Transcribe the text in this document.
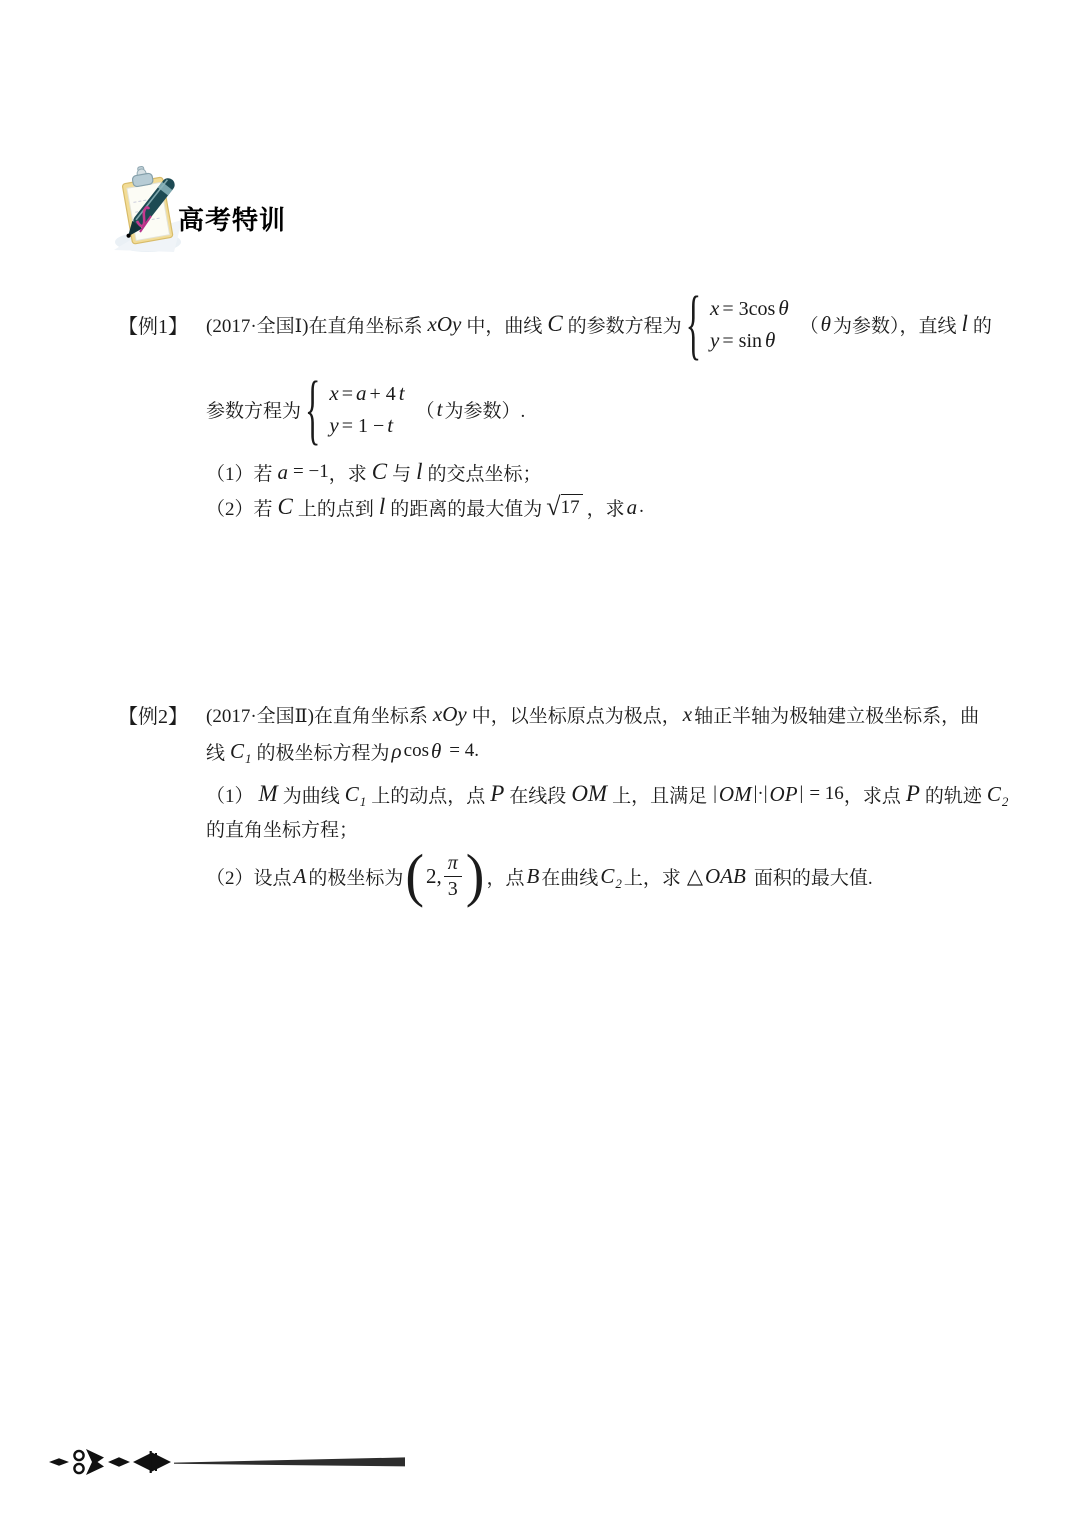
高考特训
【例1】 (2017·全国Ⅰ)在直角坐标系 xOy 中，曲线 C 的参数方程为 { x = 3cos θ
y = sin θ
（ θ 为参数），直线 l 的
参数方程为 { x = a + 4 t
y = 1 − t
（ t 为参数）.
（1）若 a = −1 ，求 C 与 l 的交点坐标；
（2）若 C 上的点到 l 的距离的最大值为 √ 17 ，求 a .
【例2】 (2017·全国Ⅱ)在直角坐标系 xOy 中，以坐标原点为极点， x 轴正半轴为极轴建立极坐标系，曲
线 $C_1$ 的极坐标方程为 ρ cos θ = 4.
（1） M 为曲线 $C_1$ 上的动点，点 P 在线段 OM 上，且满足 | OM |·| OP | = 16 ，求点 P 的轨迹 $C_2$
的直角坐标方程；
（2）设点 A 的极坐标为 ( 2, $\frac{\pi}{3}$ ) ，点 B 在曲线 $C_2$ 上，求 △ OAB 面积的最大值.
